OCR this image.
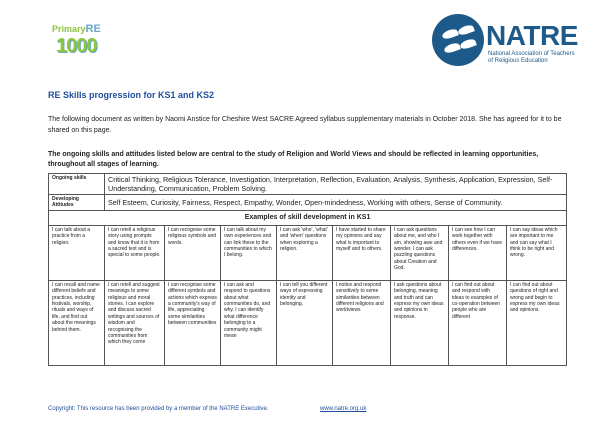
PrimaryRE
1000	NATRE
National Association of Teachers of Religious Education
RE Skills progression for KS1 and KS2
The following document as written by Naomi Anstice for Cheshire West SACRE Agreed syllabus supplementary materials in October 2018. She has agreed for it to be shared on this page.
The ongoing skills and attitudes listed below are central to the study of Religion and World Views and should be reflected in learning opportunities, throughout all stages of learning.
Ongoing skills	Critical Thinking, Religious Tolerance, Investigation, Interpretation, Reflection, Evaluation, Analysis, Synthesis, Application, Expression, Self-Understanding, Communication, Problem Solving.							
Developing Attitudes	Self Esteem, Curiosity, Fairness, Respect, Empathy, Wonder, Open-mindedness, Working with others, Sense of Community.							
Examples of skill development in KS1								
I can talk about a practice from a religion.	I can retell a religious story using prompts and know that it is from a sacred text and is special to some people.	I can recognise some religious symbols and words.	I can talk about my own experiences and can link these to the communities to which I belong.	I can ask 'who', 'what' and 'when' questions when exploring a religion.	I have started to share my opinions and say what is important to myself and to others.	I can ask questions about me, and who I am, showing awe and wonder. I can ask puzzling questions about Creation and God.	I can see how I can work together with others even if we have differences.	I can say ideas which are important to me and can say what I think to be right and wrong.
I can recall and name different beliefs and practices, including festivals, worship, rituals and ways of life, and find out about the meanings behind them.	I can retell and suggest meanings to some religious and moral stories. I can explore and discuss sacred writings and sources of wisdom and recognising the communities from which they come	I can recognise some different symbols and actions which express a community's way of life, appreciating some similarities between communities	I can ask and respond to questions about what communities do, and why. I can identify what difference belonging to a community might mean	I can tell you different ways of expressing identity and belonging.	I notice and respond sensitively to some similarities between different religions and worldviews	I ask questions about belonging, meaning and truth and can express my own ideas and opinions in response.	I can find out about and respond with ideas to examples of co-operation between people who are different	I can find out about questions of right and wrong and begin to express my own ideas and opinions.
Copyright: This resource has been provided by a member of the NATRE Executive.	www.natre.org.uk
